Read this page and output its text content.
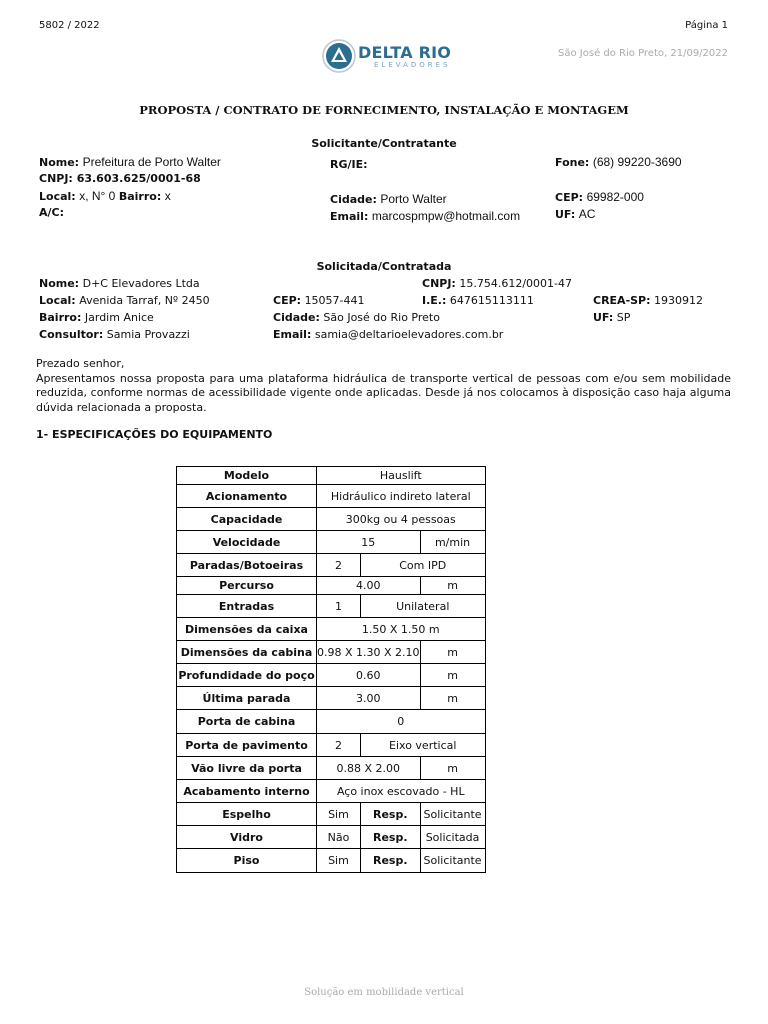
5802 / 2022	Página 1
São José do Rio Preto, 21/09/2022
DELTA RIO
ELEVADORES
PROPOSTA / CONTRATO DE FORNECIMENTO, INSTALAÇÃO E MONTAGEM
Solicitante/Contratante
Nome: Prefeitura de Porto Walter
CNPJ: 63.603.625/0001-68
Local: x, N° 0 Bairro: x
A/C:
RG/IE:
Cidade: Porto Walter
Email: marcospmpw@hotmail.com
Fone: (68) 99220-3690
CEP: 69982-000
UF: AC
Solicitada/Contratada
Nome: D+C Elevadores Ltda	CNPJ: 15.754.612/0001-47
Local: Avenida Tarraf, Nº 2450	CEP: 15057-441	I.E.: 647615113111	CREA-SP: 1930912
Bairro: Jardim Anice	Cidade: São José do Rio Preto	UF: SP
Consultor: Samia Provazzi	Email: samia@deltarioelevadores.com.br
Prezado senhor,
Apresentamos nossa proposta para uma plataforma hidráulica de transporte vertical de pessoas com e/ou sem mobilidade reduzida, conforme normas de acessibilidade vigente onde aplicadas. Desde já nos colocamos à disposição caso haja alguma dúvida relacionada a proposta.
1- ESPECIFICAÇÕES DO EQUIPAMENTO
Modelo	Hauslift		
Acionamento	Hidráulico indireto lateral		
Capacidade	300kg ou 4 pessoas		
Velocidade	15		m/min
Paradas/Botoeiras	2	Com IPD	
Percurso	4.00		m
Entradas	1	Unilateral	
Dimensões da caixa	1.50 X 1.50 m		
Dimensões da cabina	0.98 X 1.30 X 2.10		m
Profundidade do poço	0.60		m
Última parada	3.00		m
Porta de cabina	0		
Porta de pavimento	2	Eixo vertical	
Vão livre da porta	0.88 X 2.00		m
Acabamento interno	Aço inox escovado - HL		
Espelho	Sim	Resp.	Solicitante
Vidro	Não	Resp.	Solicitada
Piso	Sim	Resp.	Solicitante
Solução em mobilidade vertical
